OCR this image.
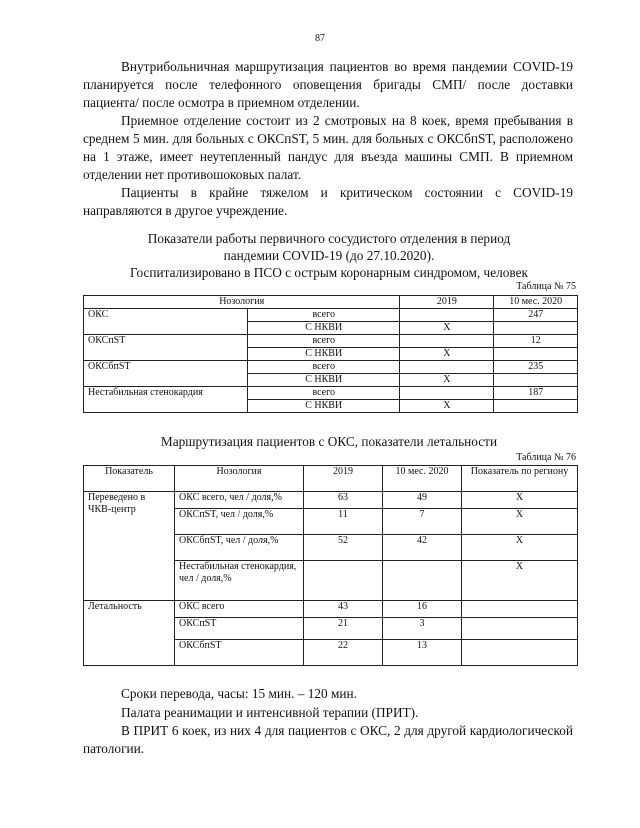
87

Внутрибольничная маршрутизация пациентов во время пандемии COVID-19 планируется после телефонного оповещения бригады СМП/ после доставки пациента/ после осмотра в приемном отделении.

Приемное отделение состоит из 2 смотровых на 8 коек, время пребывания в среднем 5 мин. для больных с ОКСпST, 5 мин. для больных с ОКСбпST, расположено на 1 этаже, имеет неутепленный пандус для въезда машины СМП. В приемном отделении нет противошоковых палат.

Пациенты в крайне тяжелом и критическом состоянии с COVID-19 направляются в другое учреждение.

Показатели работы первичного сосудистого отделения в период

пандемии COVID-19 (до 27.10.2020).

Госпитализировано в ПСО с острым коронарным синдромом, человек

Таблица № 75
Нозология		2019	10 мес. 2020
ОКС	всего		247
	С НКВИ	Х	
ОКСпST	всего		12
	С НКВИ	Х	
ОКСбпST	всего		235
	С НКВИ	Х	
Нестабильная стенокардия	всего		187
	С НКВИ	Х	

Маршрутизация пациентов с ОКС, показатели летальности

Таблица № 76
Показатель	Нозология	2019	10 мес. 2020	Показатель по региону
Переведено в ЧКВ-центр	ОКС всего, чел / доля,%	63	49	Х
	ОКСпST, чел / доля,%	11	7	Х
	ОКСбпST, чел / доля,%	52	42	Х
	Нестабильная стенокардия, чел / доля,%			Х
Летальность	ОКС всего	43	16	
	ОКСпST	21	3	
	ОКСбпST	22	13	

Сроки перевода, часы: 15 мин. – 120 мин.

Палата реанимации и интенсивной терапии (ПРИТ).

В ПРИТ 6 коек, из них 4 для пациентов с ОКС, 2 для другой кардиологической патологии.
